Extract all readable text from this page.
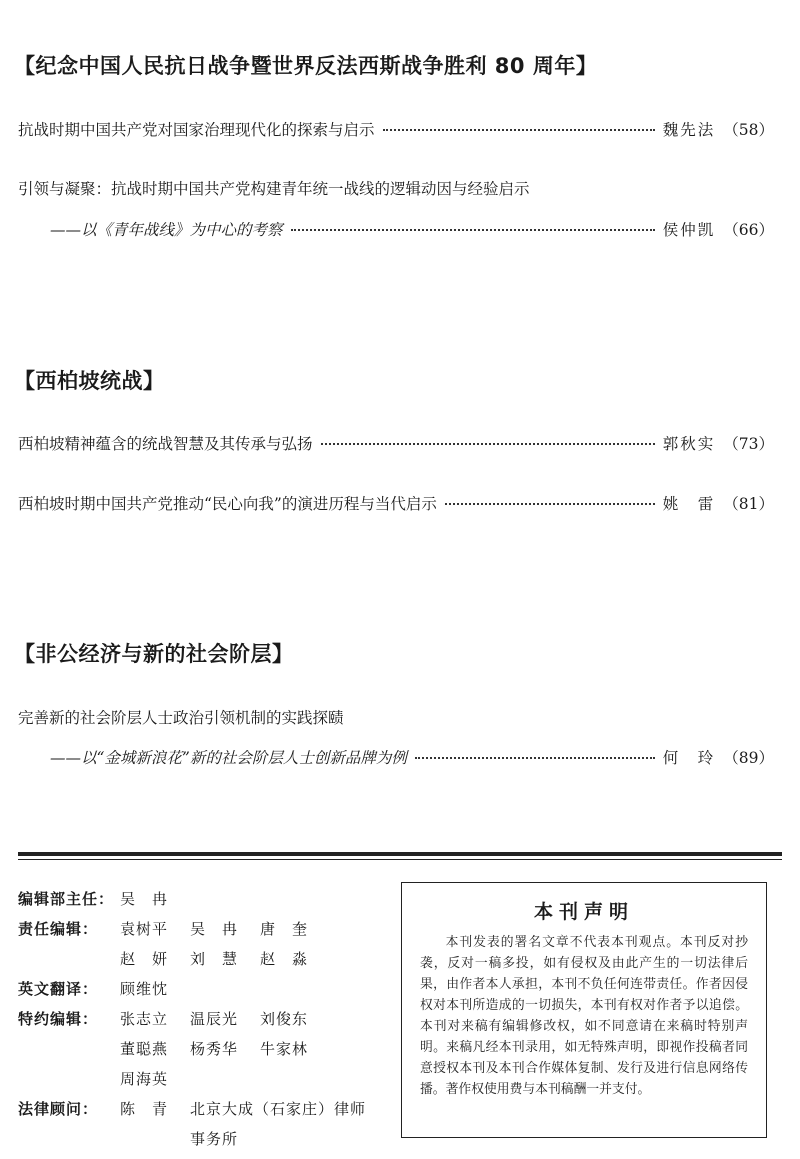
【纪念中国人民抗日战争暨世界反法西斯战争胜利 80 周年】
抗战时期中国共产党对国家治理现代化的探索与启示	魏先法 （58）
引领与凝聚：抗战时期中国共产党构建青年统一战线的逻辑动因与经验启示
——以《青年战线》为中心的考察	侯仲凯 （66）
【西柏坡统战】
西柏坡精神蕴含的统战智慧及其传承与弘扬	郭秋实 （73）
西柏坡时期中国共产党推动“民心向我”的演进历程与当代启示	姚　雷 （81）
【非公经济与新的社会阶层】
完善新的社会阶层人士政治引领机制的实践探赜
——以“金城新浪花”新的社会阶层人士创新品牌为例	何　玲 （89）
编辑部主任： 吴　冉
责任编辑：	袁树平	吴　冉	唐　奎
赵　妍	刘　慧	赵　淼
英文翻译：	顾维忱
特约编辑：	张志立	温辰光	刘俊东
董聪燕	杨秀华	牛家林
周海英
法律顾问：	陈　青	北京大成（石家庄）律师
事务所
本刊声明
本刊发表的署名文章不代表本刊观点。本刊反对抄袭，反对一稿多投，如有侵权及由此产生的一切法律后果，由作者本人承担，本刊不负任何连带责任。作者因侵权对本刊所造成的一切损失，本刊有权对作者予以追偿。本刊对来稿有编辑修改权，如不同意请在来稿时特别声明。来稿凡经本刊录用，如无特殊声明，即视作投稿者同意授权本刊及本刊合作媒体复制、发行及进行信息网络传播。著作权使用费与本刊稿酬一并支付。
